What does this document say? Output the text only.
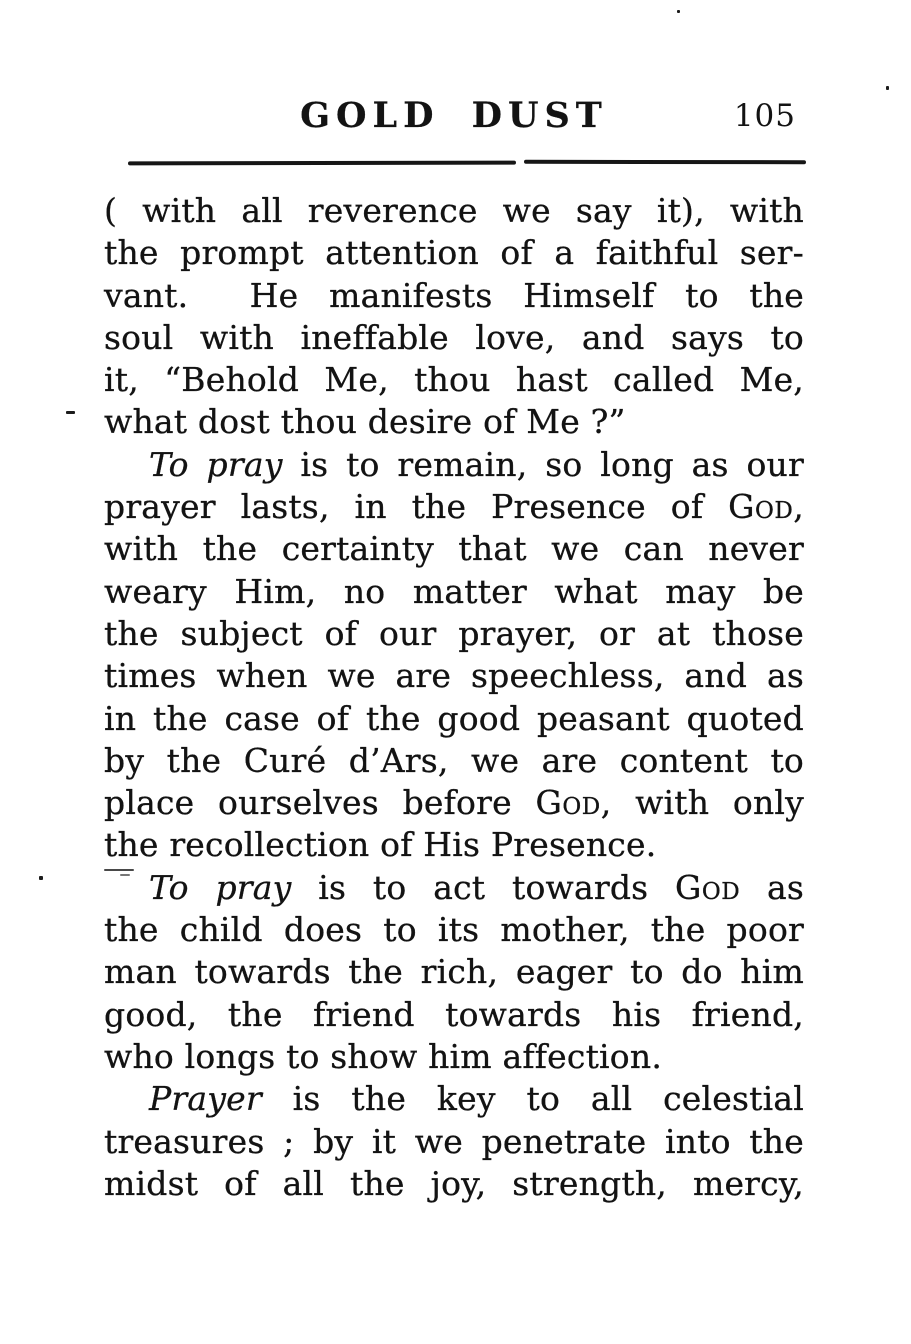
GOLD DUST	105
( with all reverence we say it), with
the prompt attention of a faithful ser-
vant.  He manifests Himself to the
soul with ineffable love, and says to
it, “Behold Me, thou hast called Me,
what dost thou desire of Me ?”
To pray is to remain, so long as our
prayer lasts, in the Presence of God,
with the certainty that we can never
weary Him, no matter what may be
the subject of our prayer, or at those
times when we are speechless, and as
in the case of the good peasant quoted
by the Curé d’Ars, we are content to
place ourselves before God, with only
the recollection of His Presence.
To pray is to act towards God as
the child does to its mother, the poor
man towards the rich, eager to do him
good, the friend towards his friend,
who longs to show him affection.
Prayer is the key to all celestial
treasures ; by it we penetrate into the
midst of all the joy, strength, mercy,
